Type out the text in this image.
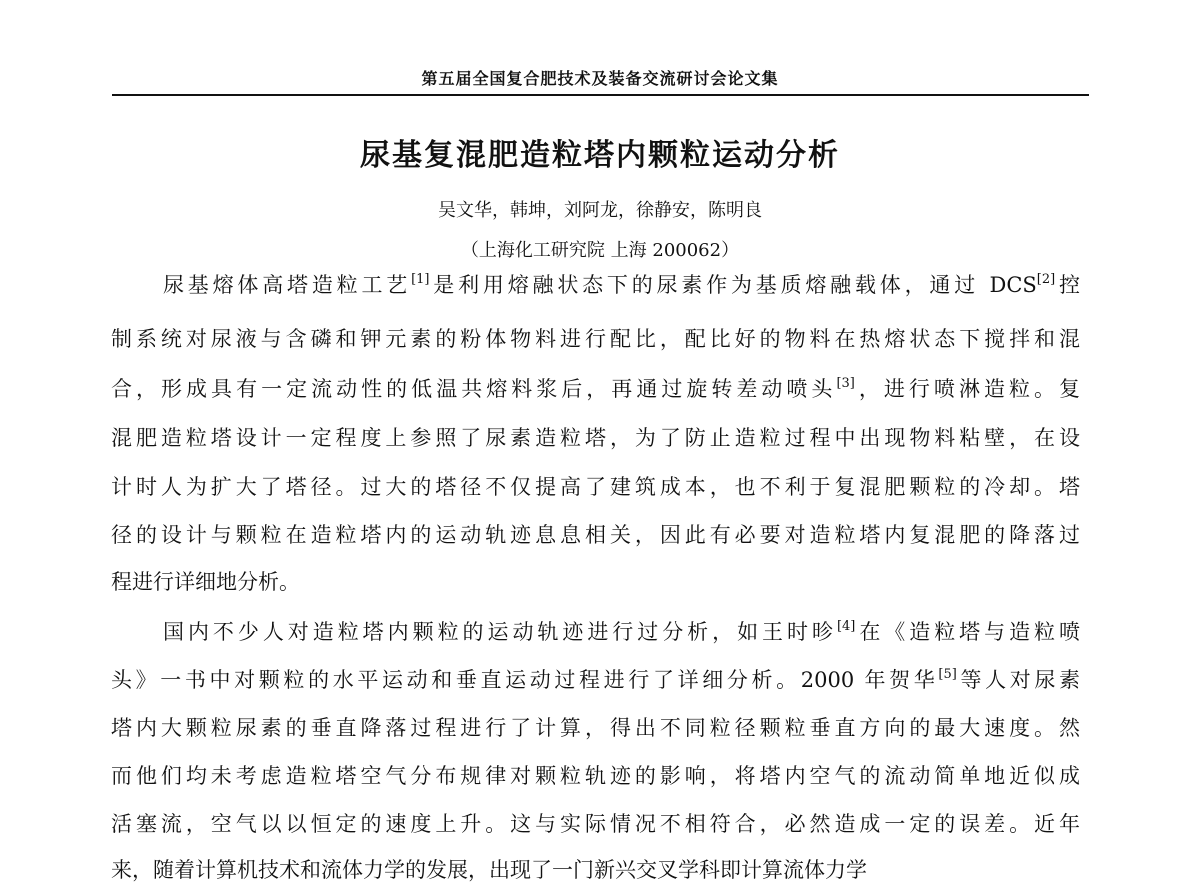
第五届全国复合肥技术及装备交流研讨会论文集
尿基复混肥造粒塔内颗粒运动分析
吴文华，韩坤，刘阿龙，徐静安，陈明良
（上海化工研究院 上海 200062）
尿基熔体高塔造粒工艺[1]是利用熔融状态下的尿素作为基质熔融载体，通过 DCS[2]控
制系统对尿液与含磷和钾元素的粉体物料进行配比，配比好的物料在热熔状态下搅拌和混
合，形成具有一定流动性的低温共熔料浆后，再通过旋转差动喷头[3]，进行喷淋造粒。复
混肥造粒塔设计一定程度上参照了尿素造粒塔，为了防止造粒过程中出现物料粘壁，在设
计时人为扩大了塔径。过大的塔径不仅提高了建筑成本，也不利于复混肥颗粒的冷却。塔
径的设计与颗粒在造粒塔内的运动轨迹息息相关，因此有必要对造粒塔内复混肥的降落过
程进行详细地分析。
国内不少人对造粒塔内颗粒的运动轨迹进行过分析，如王时昣[4]在《造粒塔与造粒喷
头》一书中对颗粒的水平运动和垂直运动过程进行了详细分析。2000 年贺华[5]等人对尿素
塔内大颗粒尿素的垂直降落过程进行了计算，得出不同粒径颗粒垂直方向的最大速度。然
而他们均未考虑造粒塔空气分布规律对颗粒轨迹的影响，将塔内空气的流动简单地近似成
活塞流，空气以以恒定的速度上升。这与实际情况不相符合，必然造成一定的误差。近年
来，随着计算机技术和流体力学的发展，出现了一门新兴交叉学科即计算流体力学
